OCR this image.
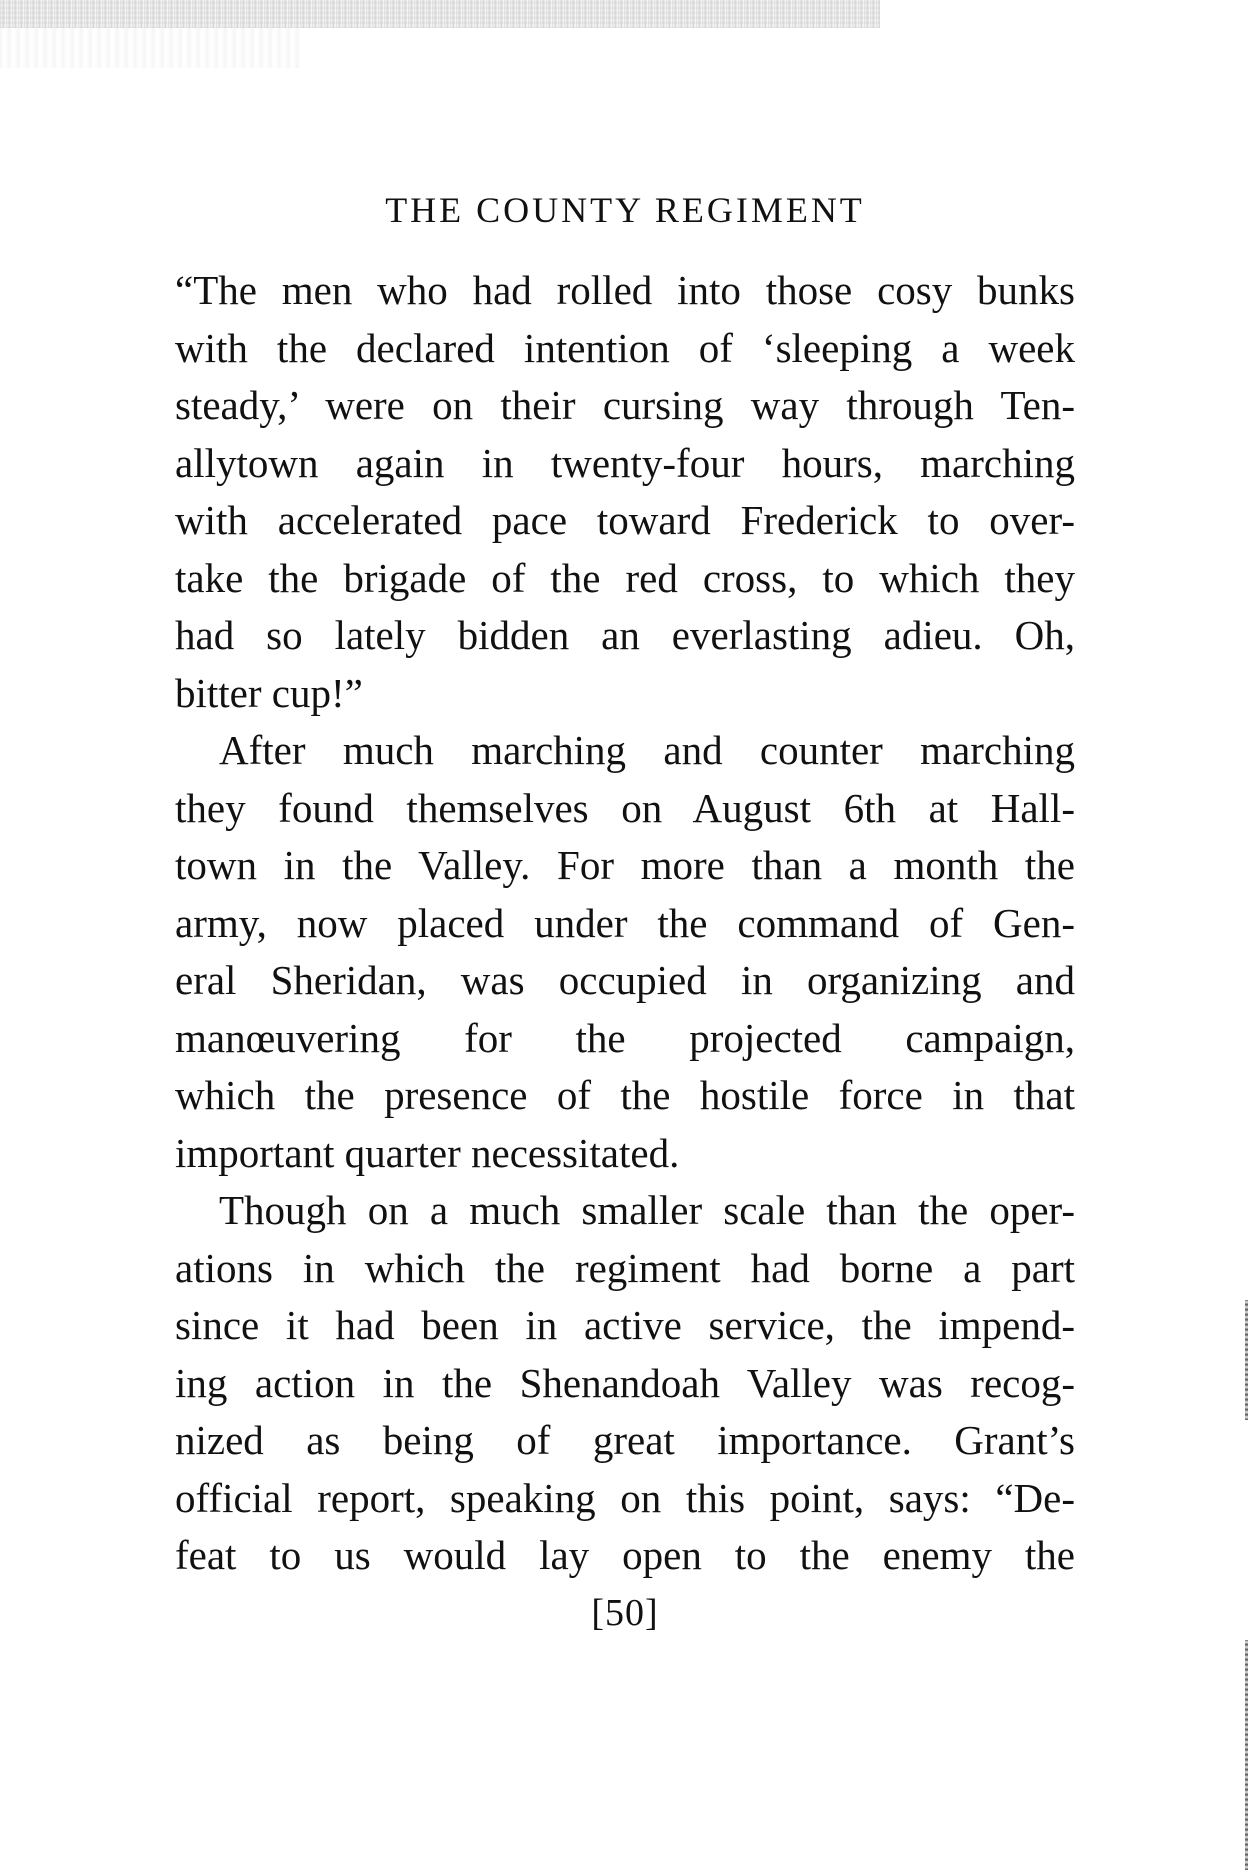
THE COUNTY REGIMENT
“The men who had rolled into those cosy bunks
with the declared intention of ‘sleeping a week
steady,’ were on their cursing way through Ten-
allytown again in twenty-four hours, marching
with accelerated pace toward Frederick to over-
take the brigade of the red cross, to which they
had so lately bidden an everlasting adieu. Oh,
bitter cup!”
After much marching and counter marching
they found themselves on August 6th at Hall-
town in the Valley. For more than a month the
army, now placed under the command of Gen-
eral Sheridan, was occupied in organizing and
manœuvering for the projected campaign,
which the presence of the hostile force in that
important quarter necessitated.
Though on a much smaller scale than the oper-
ations in which the regiment had borne a part
since it had been in active service, the impend-
ing action in the Shenandoah Valley was recog-
nized as being of great importance. Grant’s
official report, speaking on this point, says: “De-
feat to us would lay open to the enemy the
[50]
